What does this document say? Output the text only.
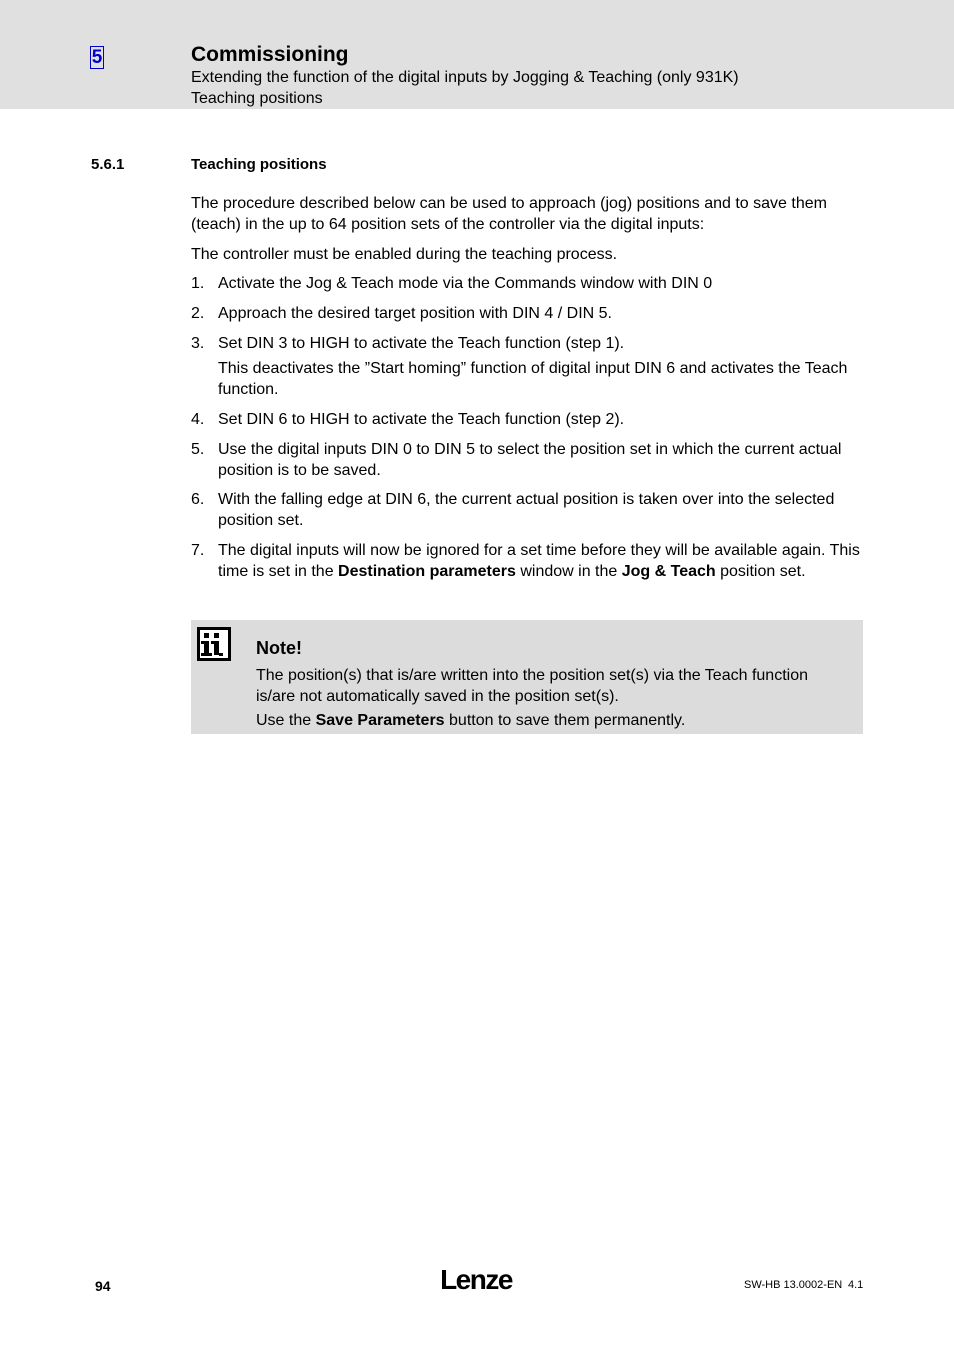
5	Commissioning
Extending the function of the digital inputs by Jogging & Teaching (only 931K)
Teaching positions
5.6.1	Teaching positions
The procedure described below can be used to approach (jog) positions and to save them (teach) in the up to 64 position sets of the controller via the digital inputs:
The controller must be enabled during the teaching process.
1. Activate the Jog & Teach mode via the Commands window with DIN 0
2. Approach the desired target position with DIN 4 / DIN 5.
3. Set DIN 3 to HIGH to activate the Teach function (step 1).
This deactivates the ”Start homing” function of digital input DIN 6 and activates the Teach function.
4. Set DIN 6 to HIGH to activate the Teach function (step 2).
5. Use the digital inputs DIN 0 to DIN 5 to select the position set in which the current actual position is to be saved.
6. With the falling edge at DIN 6, the current actual position is taken over into the selected position set.
7. The digital inputs will now be ignored for a set time before they will be available again. This time is set in the Destination parameters window in the Jog & Teach position set.
Note!
The position(s) that is/are written into the position set(s) via the Teach function is/are not automatically saved in the position set(s).
Use the Save Parameters button to save them permanently.
94	Lenze	SW-HB 13.0002-EN 4.1
